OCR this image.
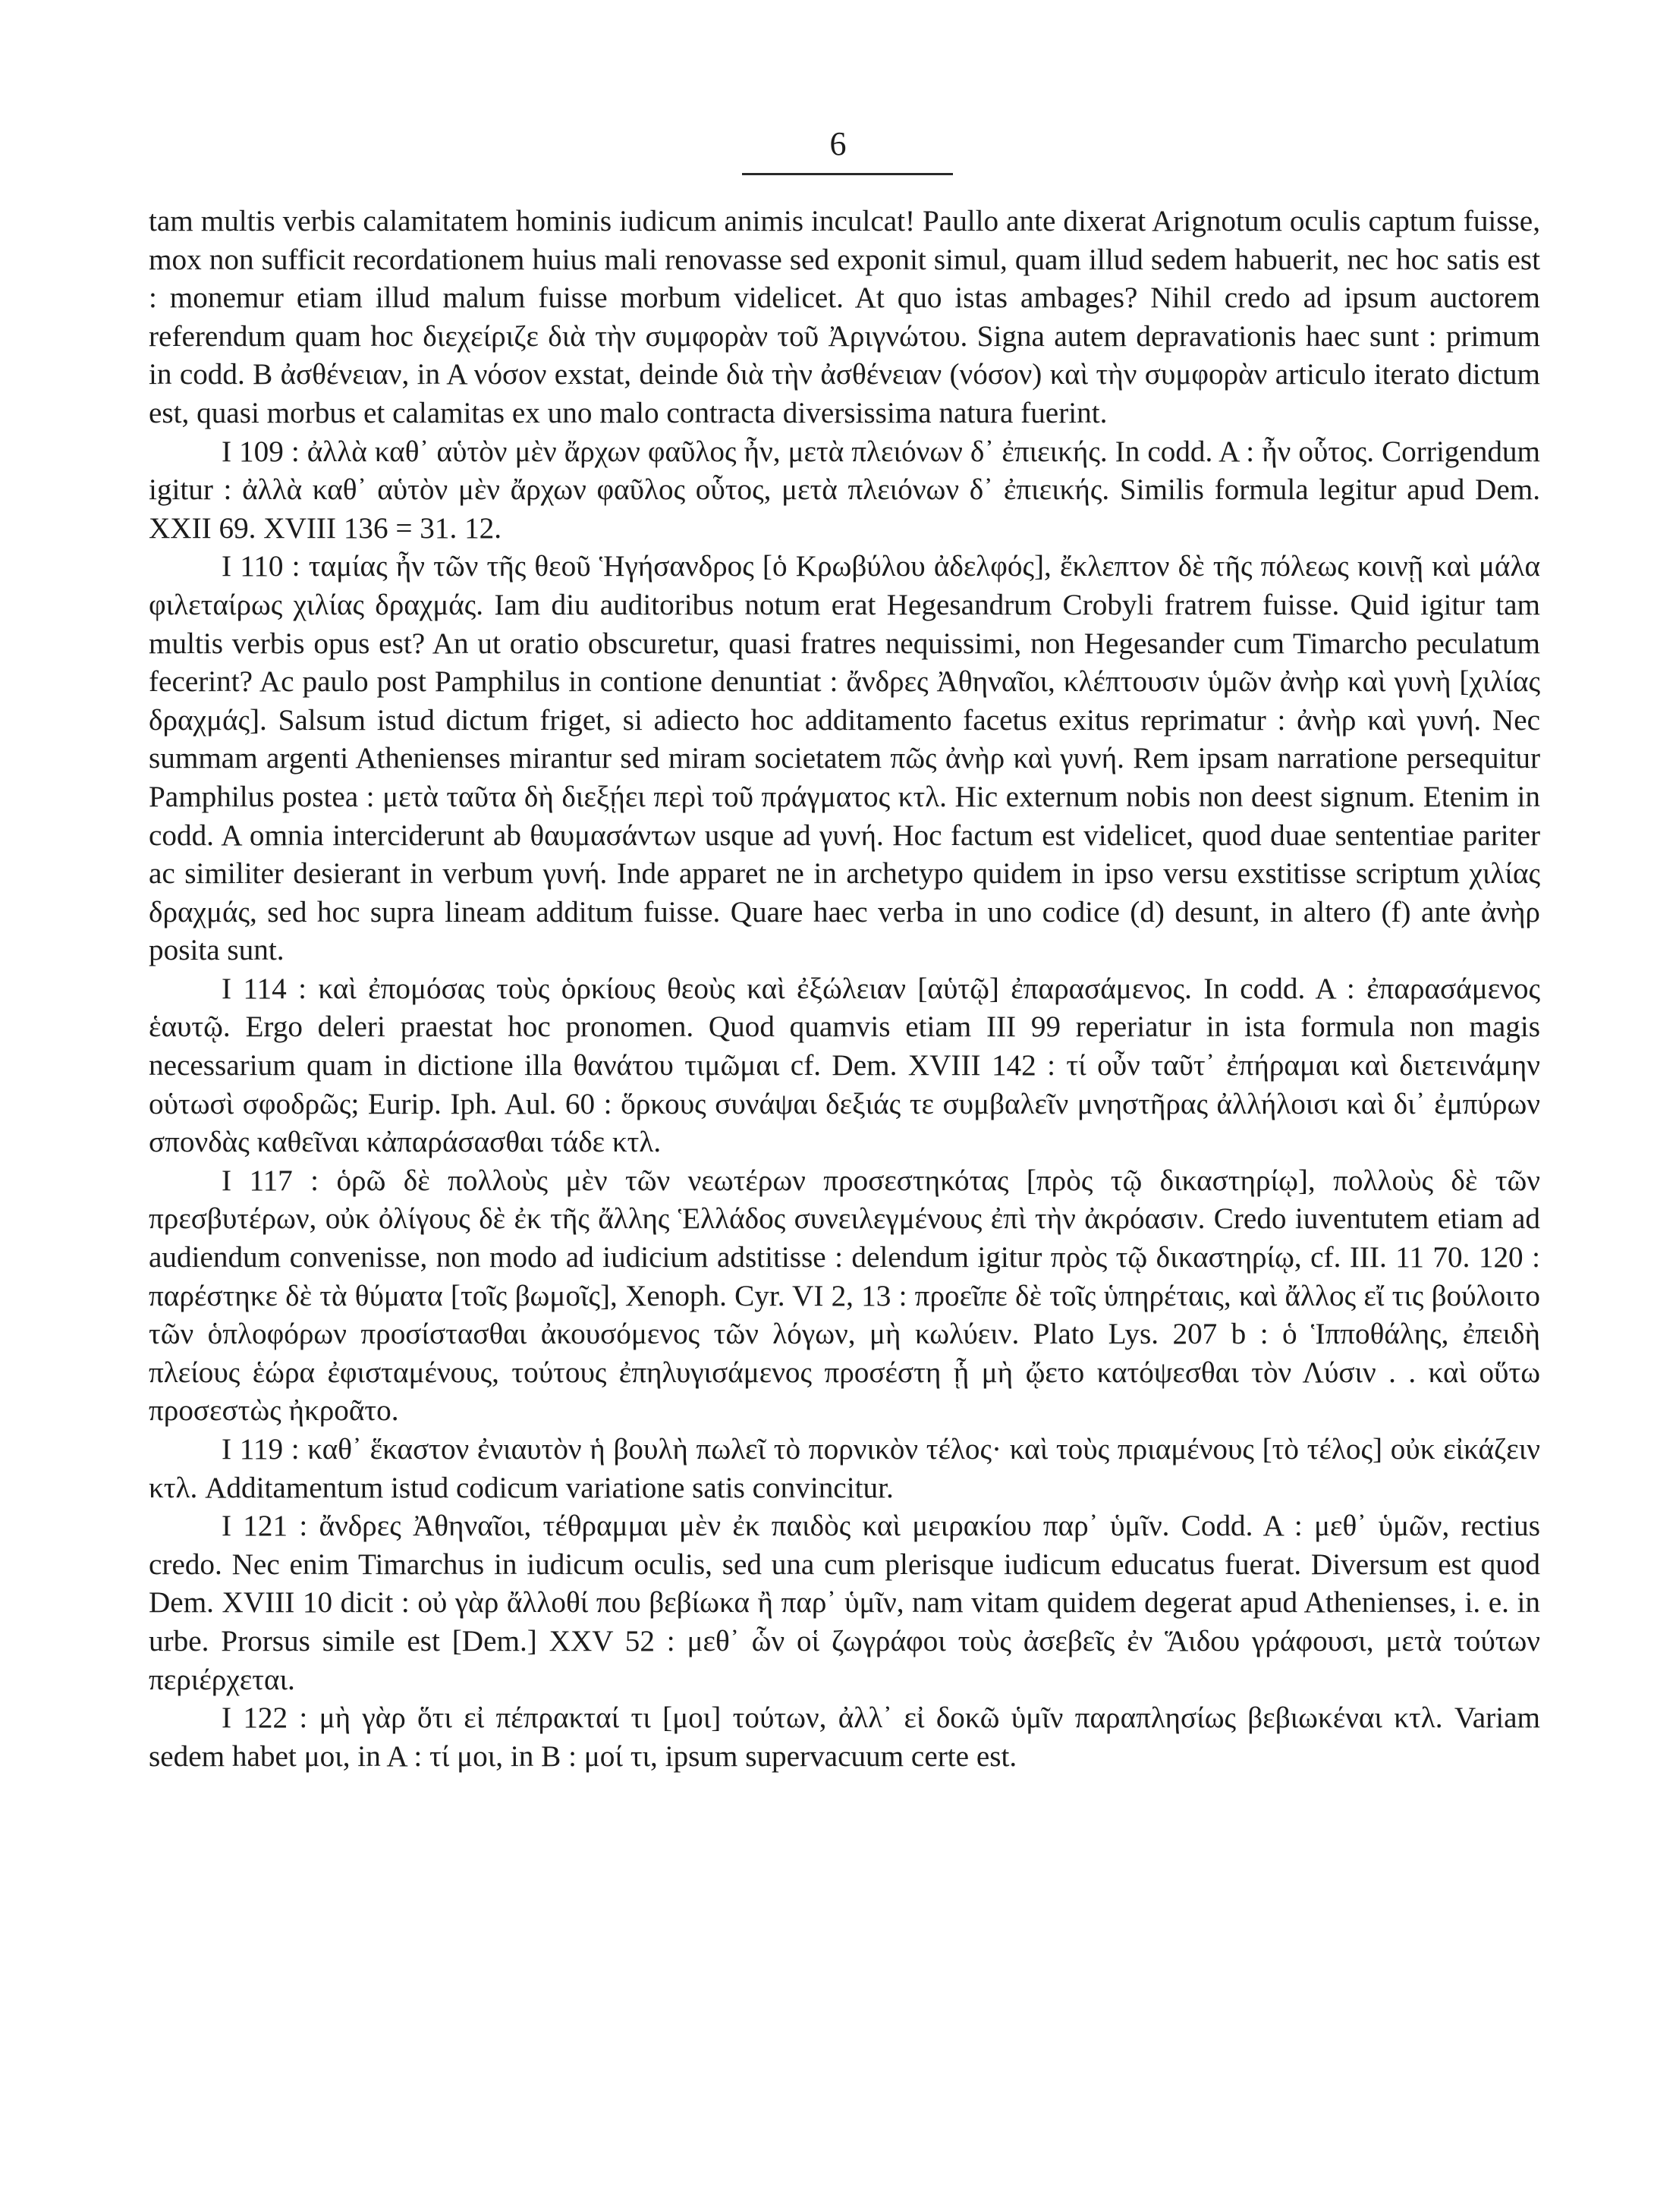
6

tam multis verbis calamitatem hominis iudicum animis inculcat! Paullo ante dixerat Arignotum oculis captum fuisse, mox non sufficit recordationem huius mali renovasse sed exponit simul, quam illud sedem habuerit, nec hoc satis est : monemur etiam illud malum fuisse morbum videlicet. At quo istas ambages? Nihil credo ad ipsum auctorem referendum quam hoc διεχείριζε διὰ τὴν συμφορὰν τοῦ Ἀριγνώτου. Signa autem depravationis haec sunt : primum in codd. B ἀσθένειαν, in A νόσον exstat, deinde διὰ τὴν ἀσθένειαν (νόσον) καὶ τὴν συμφορὰν articulo iterato dictum est, quasi morbus et calamitas ex uno malo contracta diversissima natura fuerint.

I 109 : ἀλλὰ καθ᾽ αὑτὸν μὲν ἄρχων φαῦλος ἦν, μετὰ πλειόνων δ᾽ ἐπιεικής. In codd. A : ἦν οὗτος. Corrigendum igitur : ἀλλὰ καθ᾽ αὑτὸν μὲν ἄρχων φαῦλος οὗτος, μετὰ πλειόνων δ᾽ ἐπιεικής. Similis formula legitur apud Dem. XXII 69. XVIII 136 = 31. 12.

I 110 : ταμίας ἦν τῶν τῆς θεοῦ Ἡγήσανδρος [ὁ Κρωβύλου ἀδελφός], ἔκλεπτον δὲ τῆς πόλεως κοινῇ καὶ μάλα φιλεταίρως χιλίας δραχμάς. Iam diu auditoribus notum erat Hegesandrum Crobyli fratrem fuisse. Quid igitur tam multis verbis opus est? An ut oratio obscuretur, quasi fratres nequissimi, non Hegesander cum Timarcho peculatum fecerint? Ac paulo post Pamphilus in contione denuntiat : ἄνδρες Ἀθηναῖοι, κλέπτουσιν ὑμῶν ἀνὴρ καὶ γυνὴ [χιλίας δραχμάς]. Salsum istud dictum friget, si adiecto hoc additamento facetus exitus reprimatur : ἀνὴρ καὶ γυνή. Nec summam argenti Athenienses mirantur sed miram societatem πῶς ἀνὴρ καὶ γυνή. Rem ipsam narratione persequitur Pamphilus postea : μετὰ ταῦτα δὴ διεξῄει περὶ τοῦ πράγματος κτλ. Hic externum nobis non deest signum. Etenim in codd. A omnia interciderunt ab θαυμασάντων usque ad γυνή. Hoc factum est videlicet, quod duae sententiae pariter ac similiter desierant in verbum γυνή. Inde apparet ne in archetypo quidem in ipso versu exstitisse scriptum χιλίας δραχμάς, sed hoc supra lineam additum fuisse. Quare haec verba in uno codice (d) desunt, in altero (f) ante ἀνὴρ posita sunt.

I 114 : καὶ ἐπομόσας τοὺς ὁρκίους θεοὺς καὶ ἐξώλειαν [αὑτῷ] ἐπαρασάμενος. In codd. A : ἐπαρασάμενος ἑαυτῷ. Ergo deleri praestat hoc pronomen. Quod quamvis etiam III 99 reperiatur in ista formula non magis necessarium quam in dictione illa θανάτου τιμῶμαι cf. Dem. XVIII 142 : τί οὖν ταῦτ᾽ ἐπήραμαι καὶ διετεινάμην οὑτωσὶ σφοδρῶς; Eurip. Iph. Aul. 60 : ὅρκους συνάψαι δεξιάς τε συμβαλεῖν μνηστῆρας ἀλλήλοισι καὶ δι᾽ ἐμπύρων σπονδὰς καθεῖναι κἀπαράσασθαι τάδε κτλ.

I 117 : ὁρῶ δὲ πολλοὺς μὲν τῶν νεωτέρων προσεστηκότας [πρὸς τῷ δικαστηρίῳ], πολλοὺς δὲ τῶν πρεσβυτέρων, οὐκ ὀλίγους δὲ ἐκ τῆς ἄλλης Ἑλλάδος συνειλεγμένους ἐπὶ τὴν ἀκρόασιν. Credo iuventutem etiam ad audiendum convenisse, non modo ad iudicium adstitisse : delendum igitur πρὸς τῷ δικαστηρίῳ, cf. III. 11 70. 120 : παρέστηκε δὲ τὰ θύματα [τοῖς βωμοῖς], Xenoph. Cyr. VI 2, 13 : προεῖπε δὲ τοῖς ὑπηρέταις, καὶ ἄλλος εἴ τις βούλοιτο τῶν ὁπλοφόρων προσίστασθαι ἀκουσόμενος τῶν λόγων, μὴ κωλύειν. Plato Lys. 207 b : ὁ Ἱπποθάλης, ἐπειδὴ πλείους ἑώρα ἐφισταμένους, τούτους ἐπηλυγισάμενος προσέστη ᾗ μὴ ᾤετο κατόψεσθαι τὸν Λύσιν . . καὶ οὕτω προσεστὼς ἠκροᾶτο.

I 119 : καθ᾽ ἕκαστον ἐνιαυτὸν ἡ βουλὴ πωλεῖ τὸ πορνικὸν τέλος· καὶ τοὺς πριαμένους [τὸ τέλος] οὐκ εἰκάζειν κτλ. Additamentum istud codicum variatione satis convincitur.

I 121 : ἄνδρες Ἀθηναῖοι, τέθραμμαι μὲν ἐκ παιδὸς καὶ μειρακίου παρ᾽ ὑμῖν. Codd. A : μεθ᾽ ὑμῶν, rectius credo. Nec enim Timarchus in iudicum oculis, sed una cum plerisque iudicum educatus fuerat. Diversum est quod Dem. XVIII 10 dicit : οὐ γὰρ ἄλλοθί που βεβίωκα ἢ παρ᾽ ὑμῖν, nam vitam quidem degerat apud Athenienses, i. e. in urbe. Prorsus simile est [Dem.] XXV 52 : μεθ᾽ ὧν οἱ ζωγράφοι τοὺς ἀσεβεῖς ἐν Ἅιδου γράφουσι, μετὰ τούτων περιέρχεται.

I 122 : μὴ γὰρ ὅτι εἰ πέπρακταί τι [μοι] τούτων, ἀλλ᾽ εἰ δοκῶ ὑμῖν παραπλησίως βεβιωκέναι κτλ. Variam sedem habet μοι, in A : τί μοι, in B : μοί τι, ipsum supervacuum certe est.
